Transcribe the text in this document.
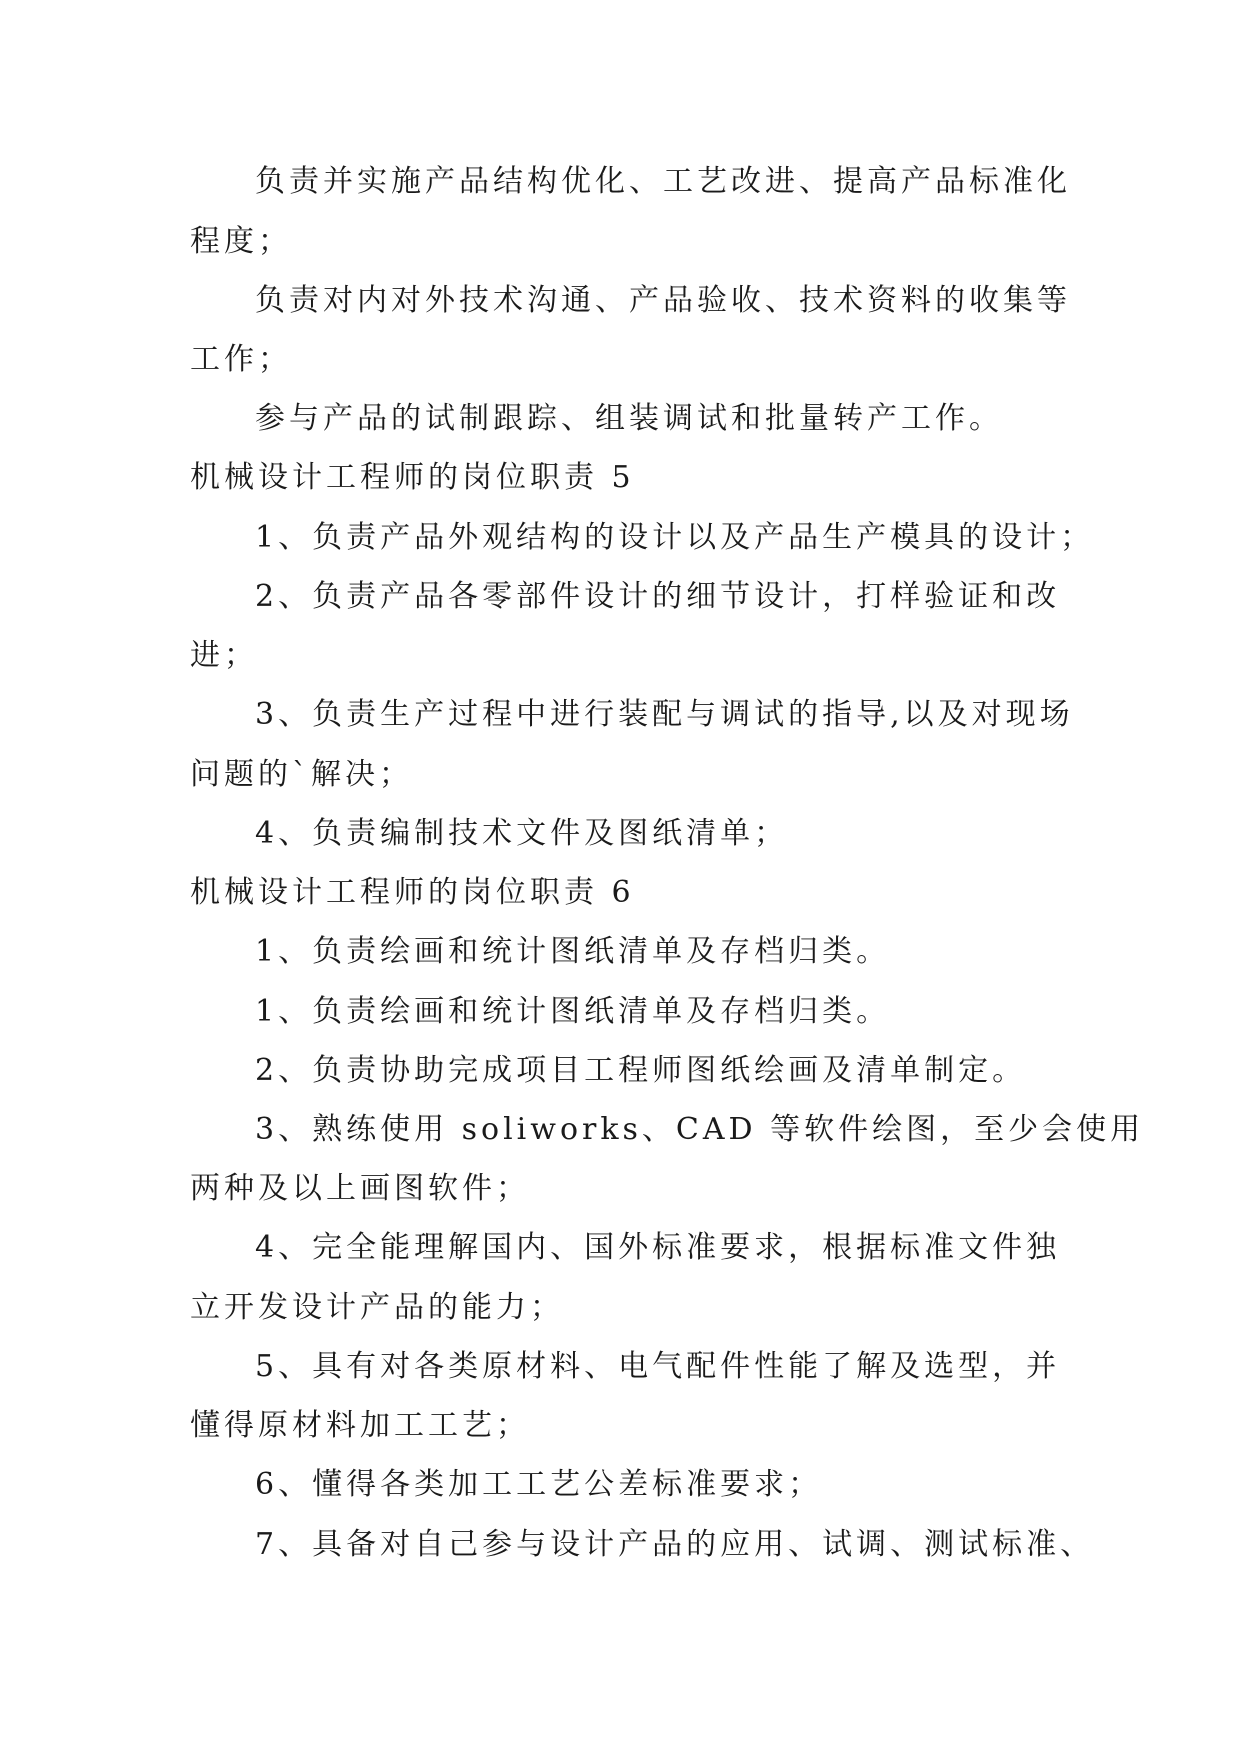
负责并实施产品结构优化、工艺改进、提高产品标准化
程度；
负责对内对外技术沟通、产品验收、技术资料的收集等
工作；
参与产品的试制跟踪、组装调试和批量转产工作。
机械设计工程师的岗位职责 5
1、负责产品外观结构的设计以及产品生产模具的设计；
2、负责产品各零部件设计的细节设计，打样验证和改
进；
3、负责生产过程中进行装配与调试的指导,以及对现场
问题的`解决；
4、负责编制技术文件及图纸清单；
机械设计工程师的岗位职责 6
1、负责绘画和统计图纸清单及存档归类。
1、负责绘画和统计图纸清单及存档归类。
2、负责协助完成项目工程师图纸绘画及清单制定。
3、熟练使用 soliworks、CAD 等软件绘图，至少会使用
两种及以上画图软件；
4、完全能理解国内、国外标准要求，根据标准文件独
立开发设计产品的能力；
5、具有对各类原材料、电气配件性能了解及选型，并
懂得原材料加工工艺；
6、懂得各类加工工艺公差标准要求；
7、具备对自己参与设计产品的应用、试调、测试标准、
